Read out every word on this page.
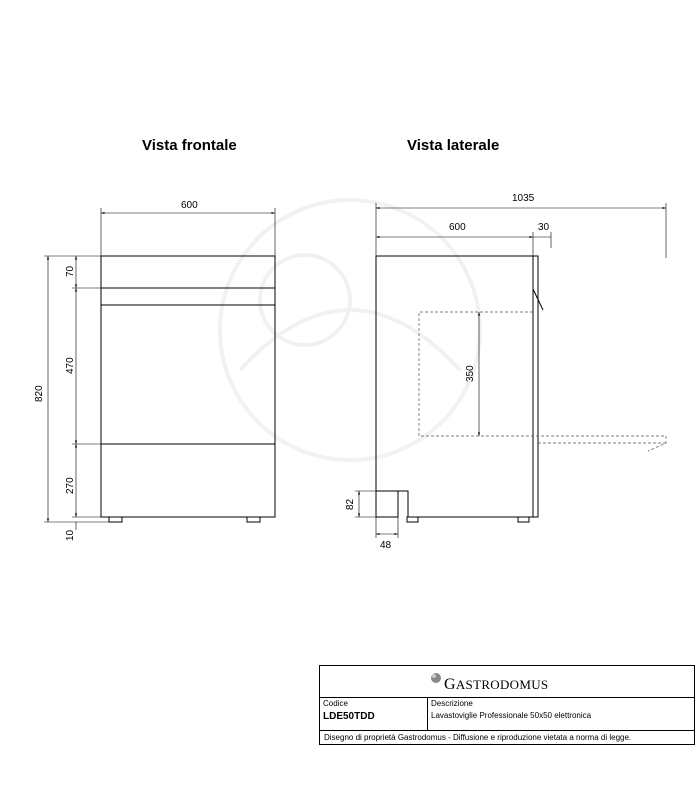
Vista frontale	Vista laterale
600
820
70
470
270
10
1035
600	30
350
82
48
GASTRODOMUS
Codice
LDE50TDD
Descrizione
Lavastoviglie Professionale 50x50 elettronica
Disegno di proprietà Gastrodomus - Diffusione e riproduzione vietata a norma di legge.
